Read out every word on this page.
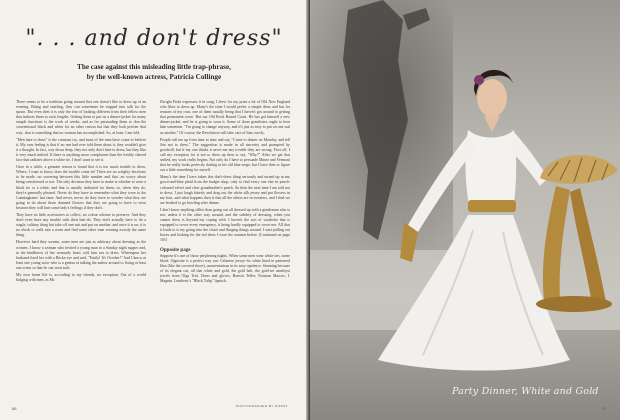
". . . and don't dress"
The case against this misleading little trap-phrase,
by the well-known actress, Patricia Collinge

There seems to be a tradition going around that one doesn't like to dress up of an evening. Biting and snarling, they can sometimes be trapped into talk for the spoon. But even then it is only the fear of looking different from their fellow men that induces them to such lengths. Getting them to put on a dinner-jacket for many simple functions is the work of weeks, and as for persuading them to don the conventional black and white for an other reason but that they look prettier that way...that is something that no woman has accomplished. So, at least, I am told.

"Men hate to dress" is the constant cry, and most of the men have come to believe it. My own feeling is that if no one had ever told them about it, they wouldn't give it a thought. In fact, way down deep, they not only don't hate to dress, but they like it very much indeed. If there is anything more complacent than the freshly shaved face that radiates above a white tie, I don't want to see it.

Once in a while, a genuine reason is found that it is too much trouble to dress. Where, I want to know, does the trouble come in? There are no weighty decisions to be made...no wavering between this little number and that...no worry about being overdressed or not. The only decision they have to make is whether to wear a black tie or a white, and that is usually indicated for them; so, when they do, they're generally pleased. Never do they have to remember what they wore to the Cunninghams' last time. And never, never, do they have to wonder what they are going to do about those damned flowers that they are going to have to wear because they will hurt some lady's feelings if they don't.

They have no little accessories to collect, no colour scheme to preserve. And they don't even have any trouble with their hair-do. They don't actually have to do a single, solitary thing but take off one suit and put on another, and once it is on, it is no shock to walk into a room and find some other man wearing exactly the same thing.

However hard they scream, some men are just as arbitrary about dressing as the women. I know a woman who invited a young man to a Sunday night supper and, in the kindliness of her womanly heart, told him not to dress. Whereupon her husband fixed her with a Becke eye and said, "Emily! It's October!" And I know at least one young actor who is a genius at talking the author around to fixing at least one scene so that he can wear tails.

My own home life is, according to my friends, no exception. Out of a world bulging with men, as Mr.

Dwight Fiske expresses it in song, I drew for my prize a bit of Old New England who likes to dress up. Many's the time I would prefer a simple dress and but for reasons of my own, one of them usually being that I haven't got around to getting that permanent wave. But our Old Rock Bound Coast. He has got himself a new dinner-jacket, and he is going to wear it. Some of those grandsires ought to hear him sometime. "I'm going to change anyway, and it's just as easy to put on one suit as another." Of course, the Revolution will take care of him, nicely.

People call me up from time to time and say, "Come to dinner on Monday, and tell Jim not to dress." The suggestion is made in all sincerity and prompted by goodwill, but if my one thinks it saves me any trouble they are wrong. First off, I call my exception for it not to dress up then to say, "Why?" After we get that settled, my work really begins. Not only do I have to persuade Maine and Vermont that he really looks perfectly darling in his old blue serge, but I have then to figure out a little something for myself.

Many's the time I have taken this don't-dress thing seriously and turned up in my gown-and-blue plaid from the budget shop, only to find every one else in peach-coloured velvet and clear grandmother's pearls. So then the next time I am told not to dress, I just laugh bitterly and drag out the white silk jersey and put flowers in my hair...and what happens then is that all the others are in sweaters, and I find we are booked to go bowling after dinner.

I don't know anything sillier than going out all dressed up with a gentleman who is not, unless it is the other way around, and the subtlety of dressing, when you cannot dress is beyond my coping with. I haven't the sort of wardrobe that is equipped to cover every emergency, it being hardly equipped to cover me. All that it leads to is my going into the closet and flinging things around. I start pulling out boxes and looking for the red dress I wore the autumn before. (Continued on page 101)

Opposite page

Suppose it's one of those perplexing nights. When some men wear white ties, some black. Opposite is a perfect way out: Celanese jersey--its white lined in patterned blue (like the covered shoes), unostentatious in its easy opulence. Stunning because of its elegant cut, all that white and gold, the gold belt, the gold-set amethyst jewels from Olga Tritt. Dress and gloves; Bonwit Teller; Norman Marcus; I. Magnin. Lentheric's "Black Tulip" lipstick.

PHOTOGRAPHED BY HORST
66
Party Dinner, White and Gold
67
